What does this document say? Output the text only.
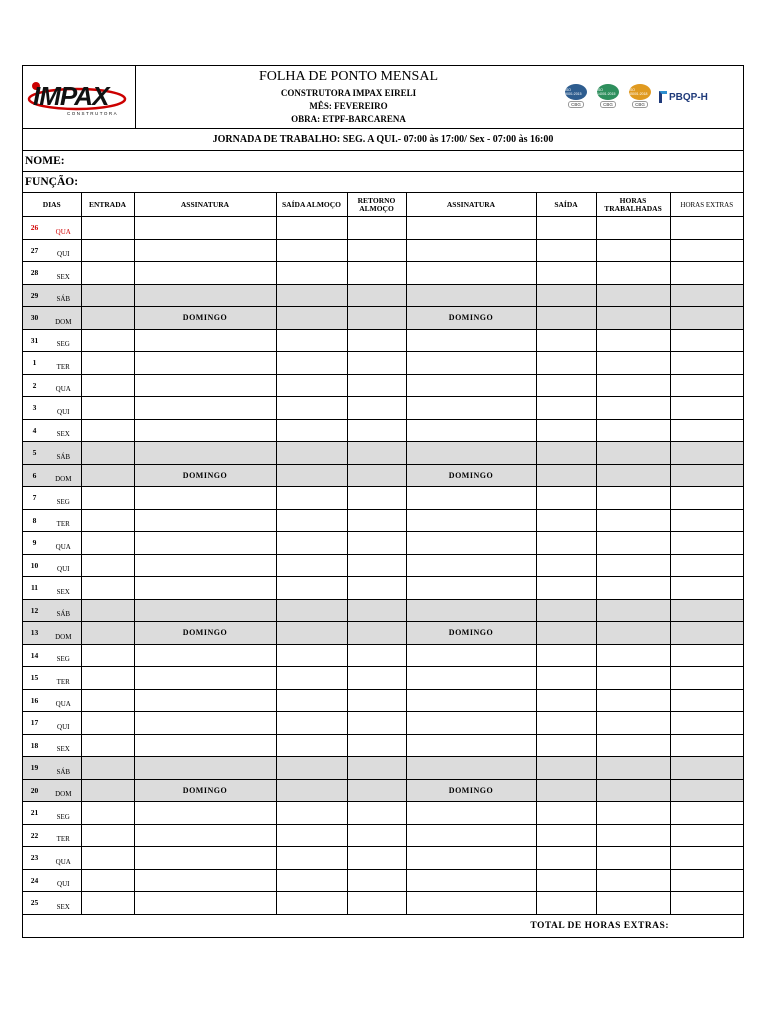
IMPAX
CONSTRUTORA
FOLHA DE PONTO MENSAL
CONSTRUTORA IMPAX EIRELI
MÊS: FEVEREIRO
OBRA: ETPF-BARCARENA
ISO 9001:2015
CBG
ISO 14001:2015
CBG
ISO 45001:2018
CBG
PBQP-H
JORNADA DE TRABALHO: SEG. A QUI.- 07:00 às 17:00/ Sex - 07:00 às 16:00
NOME:
FUNÇÃO:
DIAS		ENTRADA	ASSINATURA	SAÍDA ALMOÇO	RETORNO ALMOÇO	ASSINATURA	SAÍDA	HORAS TRABALHADAS	HORAS EXTRAS
26	QUA								
27	QUI								
28	SEX								
29	SÁB								
30	DOM		DOMINGO			DOMINGO			
31	SEG								
1	TER								
2	QUA								
3	QUI								
4	SEX								
5	SÁB								
6	DOM		DOMINGO			DOMINGO			
7	SEG								
8	TER								
9	QUA								
10	QUI								
11	SEX								
12	SÁB								
13	DOM		DOMINGO			DOMINGO			
14	SEG								
15	TER								
16	QUA								
17	QUI								
18	SEX								
19	SÁB								
20	DOM		DOMINGO			DOMINGO			
21	SEG								
22	TER								
23	QUA								
24	QUI								
25	SEX								
TOTAL DE HORAS EXTRAS:
